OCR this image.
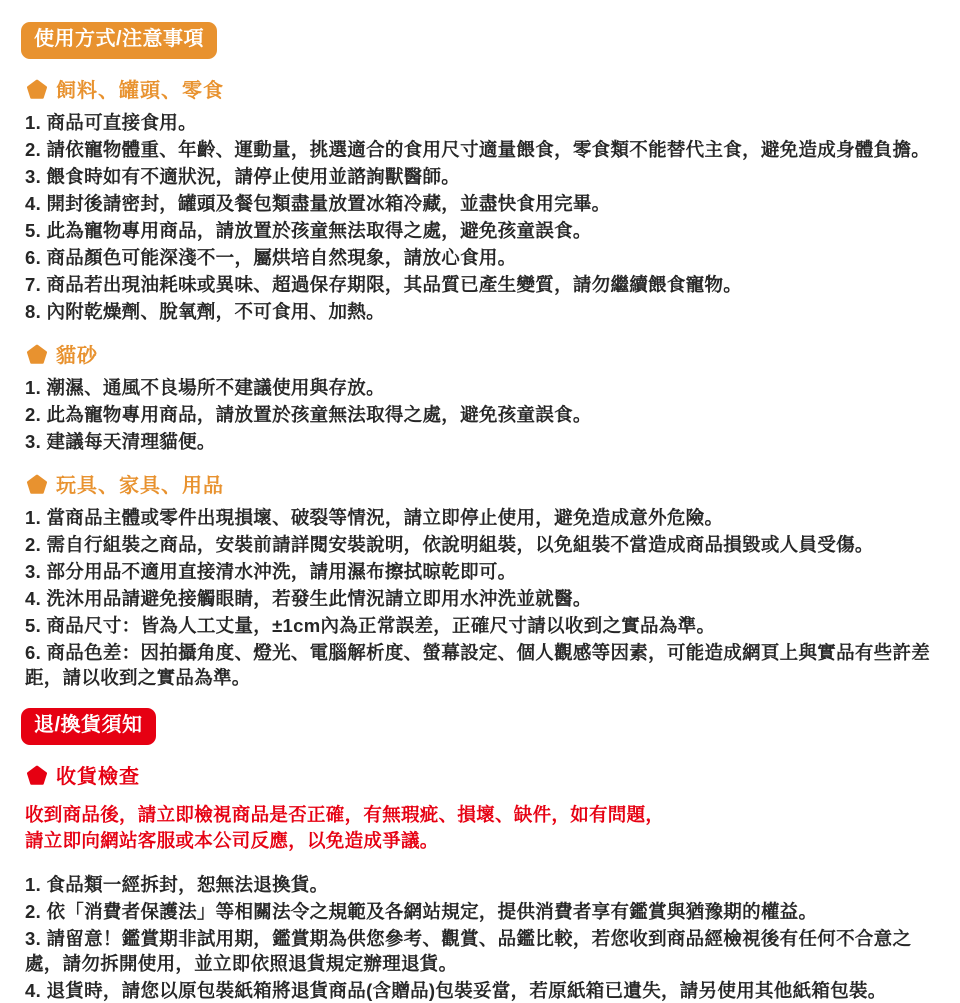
使用方式/注意事項
飼料、罐頭、零食

1. 商品可直接食用。

2. 請依寵物體重、年齡、運動量，挑選適合的食用尺寸適量餵食，零食類不能替代主食，避免造成身體負擔。

3. 餵食時如有不適狀況，請停止使用並諮詢獸醫師。

4. 開封後請密封，罐頭及餐包類盡量放置冰箱冷藏，並盡快食用完畢。

5. 此為寵物專用商品，請放置於孩童無法取得之處，避免孩童誤食。

6. 商品顏色可能深淺不一，屬烘培自然現象，請放心食用。

7. 商品若出現油耗味或異味、超過保存期限，其品質已產生變質，請勿繼續餵食寵物。

8. 內附乾燥劑、脫氧劑，不可食用、加熱。

貓砂

1. 潮濕、通風不良場所不建議使用與存放。

2. 此為寵物專用商品，請放置於孩童無法取得之處，避免孩童誤食。

3. 建議每天清理貓便。

玩具、家具、用品

1. 當商品主體或零件出現損壞、破裂等情況，請立即停止使用，避免造成意外危險。

2. 需自行組裝之商品，安裝前請詳閱安裝說明，依說明組裝，以免組裝不當造成商品損毀或人員受傷。

3. 部分用品不適用直接清水沖洗，請用濕布擦拭晾乾即可。

4. 洗沐用品請避免接觸眼睛，若發生此情況請立即用水沖洗並就醫。

5. 商品尺寸：皆為人工丈量，±1cm內為正常誤差，正確尺寸請以收到之實品為準。

6. 商品色差：因拍攝角度、燈光、電腦解析度、螢幕設定、個人觀感等因素，可能造成網頁上與實品有些許差距，請以收到之實品為準。

退/換貨須知
收貨檢查

收到商品後，請立即檢視商品是否正確，有無瑕疵、損壞、缺件，如有問題，
請立即向網站客服或本公司反應，以免造成爭議。

1. 食品類一經拆封，恕無法退換貨。

2. 依「消費者保護法」等相關法令之規範及各網站規定，提供消費者享有鑑賞與猶豫期的權益。

3. 請留意！鑑賞期非試用期，鑑賞期為供您參考、觀賞、品鑑比較，若您收到商品經檢視後有任何不合意之處，請勿拆開使用，並立即依照退貨規定辦理退貨。

4. 退貨時，請您以原包裝紙箱將退貨商品(含贈品)包裝妥當，若原紙箱已遺失，請另使用其他紙箱包裝。
